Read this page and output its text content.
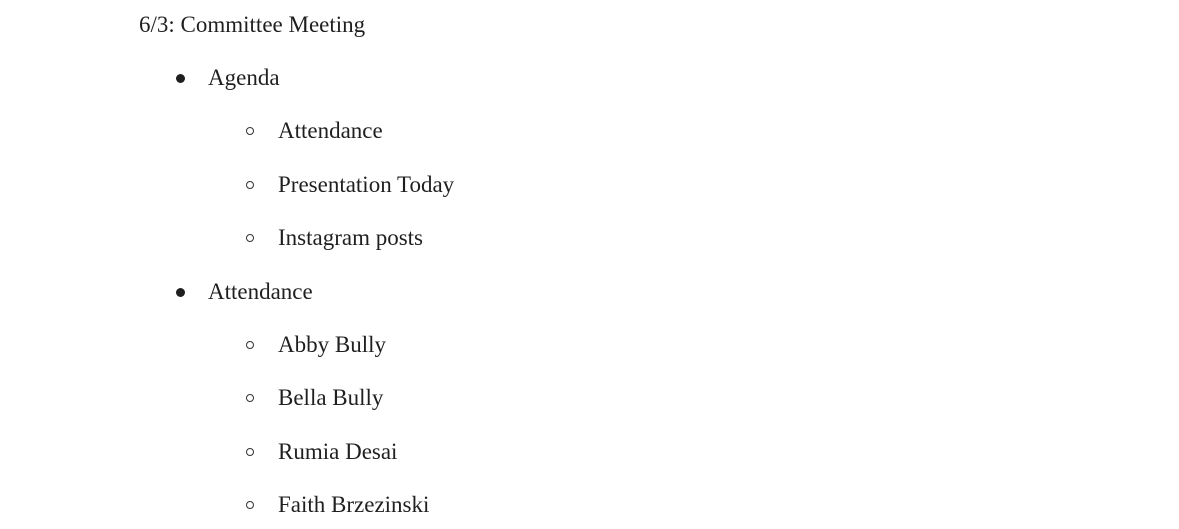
6/3: Committee Meeting
Agenda
Attendance
Presentation Today
Instagram posts
Attendance
Abby Bully
Bella Bully
Rumia Desai
Faith Brzezinski
